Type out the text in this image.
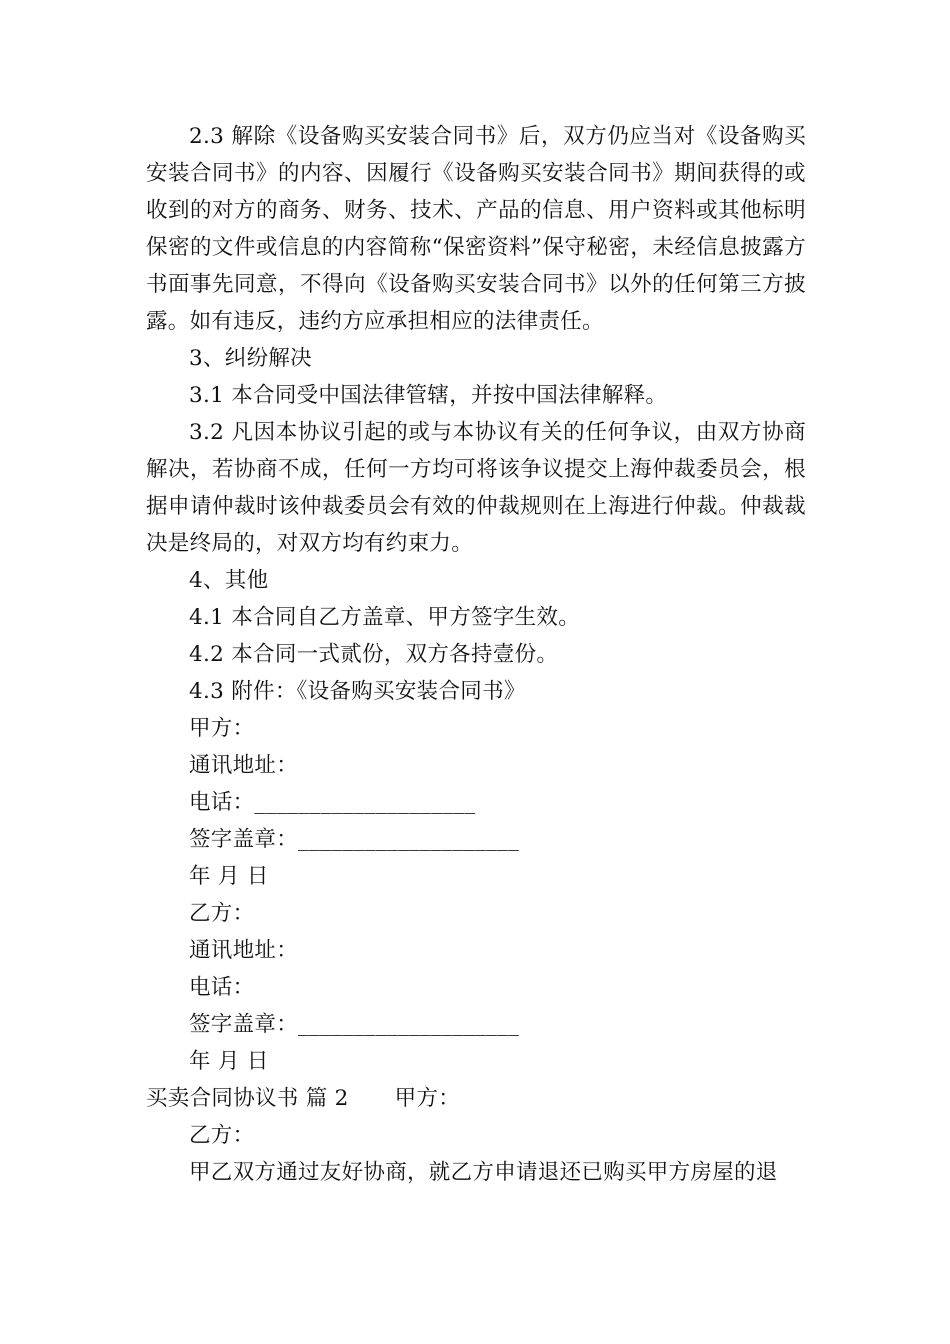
2.3 解除《设备购买安装合同书》后，双方仍应当对《设备购买安装合同书》的内容、因履行《设备购买安装合同书》期间获得的或收到的对方的商务、财务、技术、产品的信息、用户资料或其他标明保密的文件或信息的内容简称“保密资料”保守秘密，未经信息披露方书面事先同意，不得向《设备购买安装合同书》以外的任何第三方披露。如有违反，违约方应承担相应的法律责任。

3、纠纷解决

3.1 本合同受中国法律管辖，并按中国法律解释。

3.2 凡因本协议引起的或与本协议有关的任何争议，由双方协商解决，若协商不成，任何一方均可将该争议提交上海仲裁委员会，根据申请仲裁时该仲裁委员会有效的仲裁规则在上海进行仲裁。仲裁裁决是终局的，对双方均有约束力。

4、其他

4.1 本合同自乙方盖章、甲方签字生效。

4.2 本合同一式贰份，双方各持壹份。

4.3 附件：《设备购买安装合同书》

甲方：

通讯地址：

电话：____________________

签字盖章：____________________

年 月 日

乙方：

通讯地址：

电话：

签字盖章：____________________

年 月 日

买卖合同协议书 篇 2 甲方：

乙方：

甲乙双方通过友好协商，就乙方申请退还已购买甲方房屋的退
